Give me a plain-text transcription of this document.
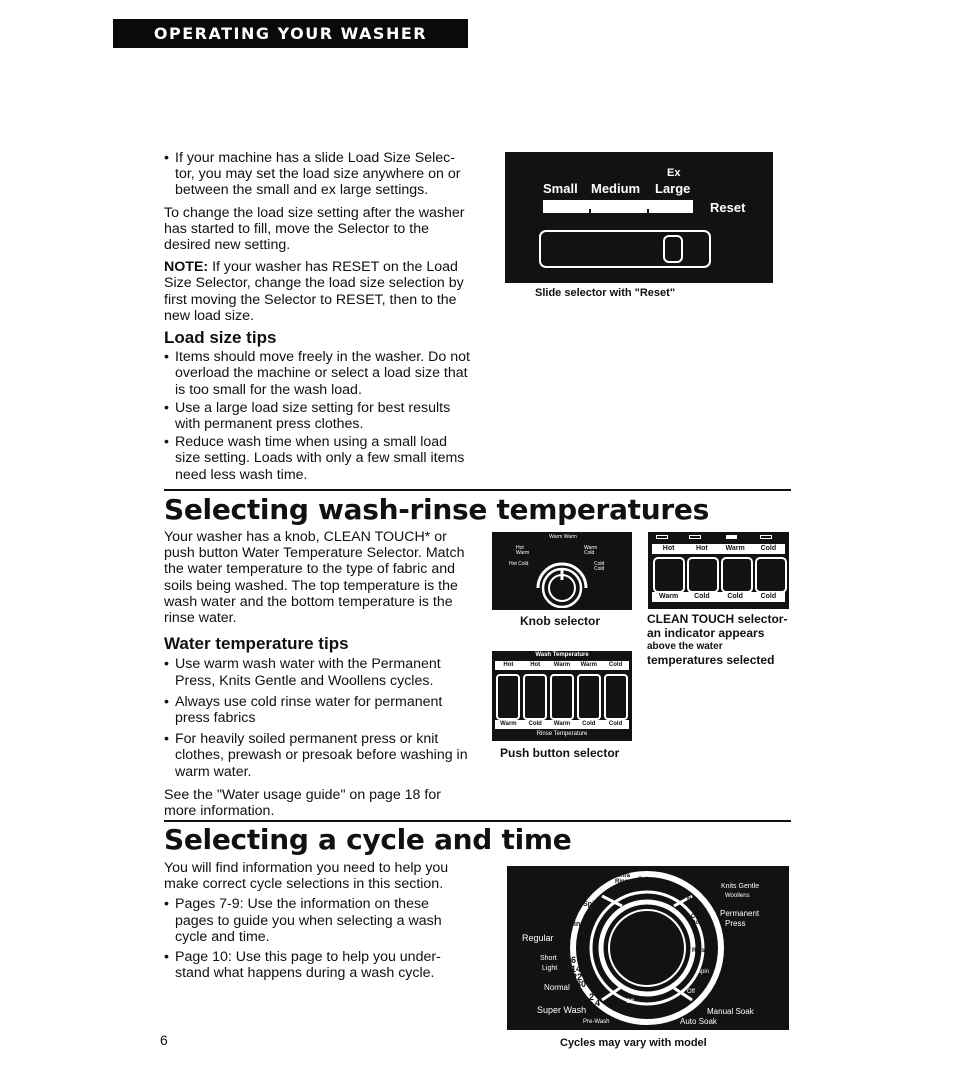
OPERATING YOUR WASHER
• If your machine has a slide Load Size Selec-tor, you may set the load size anywhere on or between the small and ex large settings.

To change the load size setting after the washer has started to fill, move the Selector to the desired new setting.

NOTE: If your washer has RESET on the Load Size Selector, change the load size selection by first moving the Selector to RESET, then to the new load size.

Load size tips
• Items should move freely in the washer. Do not overload the machine or select a load size that is too small for the wash load.
• Use a large load size setting for best results with permanent press clothes.
• Reduce wash time when using a small load size setting. Loads with only a few small items need less wash time.
Ex
Small Medium Large
Reset
Slide selector with "Reset"
Selecting wash-rinse temperatures

Your washer has a knob, CLEAN TOUCH* or push button Water Temperature Selector. Match the water temperature to the type of fabric and soils being washed. The top temperature is the wash water and the bottom temperature is the rinse water.

Water temperature tips
• Use warm wash water with the Permanent Press, Knits Gentle and Woollens cycles.
• Always use cold rinse water for permanent press fabrics
• For heavily soiled permanent press or knit clothes, prewash or presoak before washing in warm water.

See the "Water usage guide" on page 18 for more information.

Warm Warm
Hot Warm
Warm Cold
Hot Cold	Cold Cold
Knob selector
Hot	Hot	Warm	Cold
Warm	Cold	Cold	Cold
CLEAN TOUCH selector-
an indicator appears
above the water
temperatures selected
Wash Temperature
Hot	Hot	Warm	Warm	Cold
Warm	Cold	Warm	Cold	Cold
Rinse Temperature
Push button selector
Selecting a cycle and time

You will find information you need to help you make correct cycle selections in this section.

• Pages 7-9: Use the information on these pages to guide you when selecting a wash cycle and time.
• Page 10: Use this page to help you under-stand what happens during a wash cycle.
Regular
Short
Light
Normal
Super Wash
Pre-Wash
Extra Rinse	Spin Off
Spin
Rinse
Knits Gentle
Woollens
Permanent
Press
Cool Down
Rinse
Spin
Off
Manual Soak
Auto Soak
Off
12
6
4
6
14
22
30
2
4
20
Cycles may vary with model
6
